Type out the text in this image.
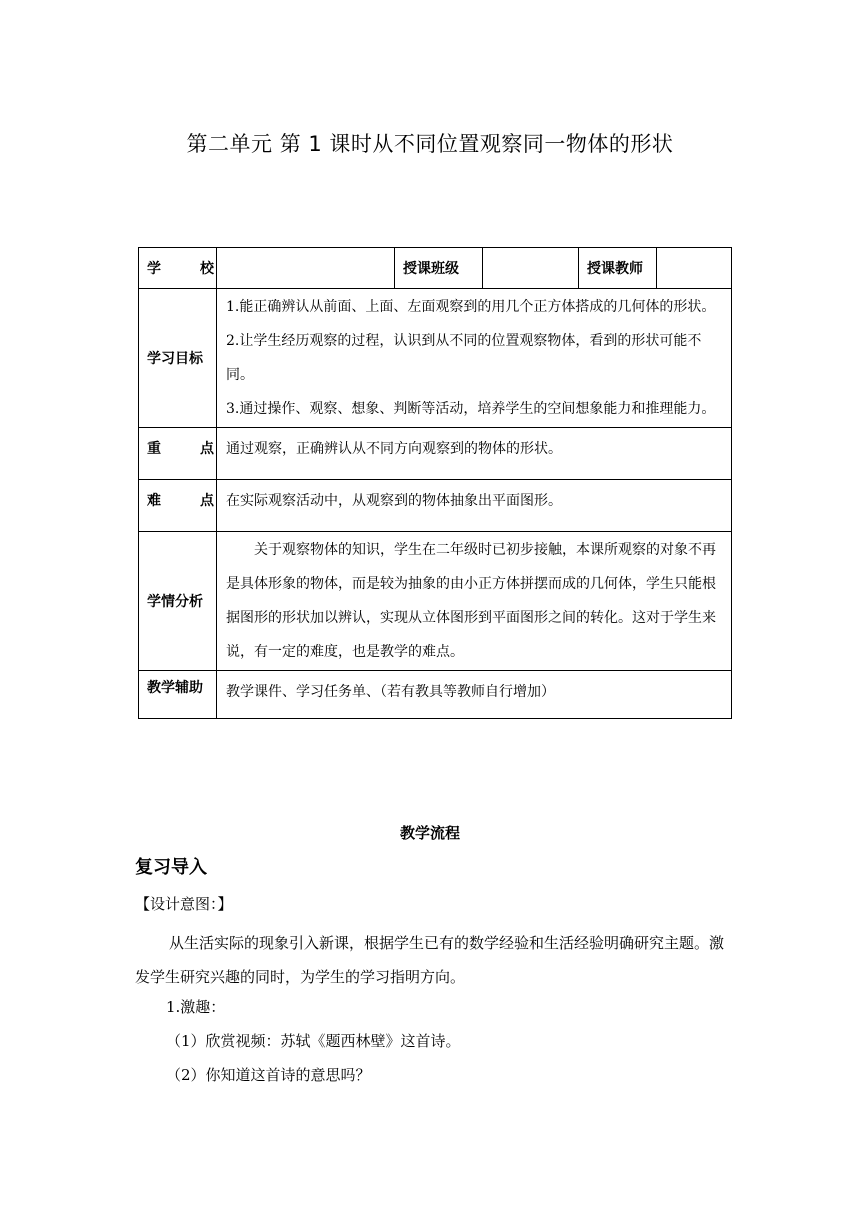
第二单元 第 1 课时从不同位置观察同一物体的形状
学 校		授课班级		授课教师	
学习目标	1.能正确辨认从前面、上面、左面观察到的用几个正方体搭成的几何体的形状。

2.让学生经历观察的过程，认识到从不同的位置观察物体，看到的形状可能不同。

3.通过操作、观察、想象、判断等活动，培养学生的空间想象能力和推理能力。				

重 点	通过观察，正确辨认从不同方向观察到的物体的形状。				

难 点	在实际观察活动中，从观察到的物体抽象出平面图形。				
学情分析	关于观察物体的知识，学生在二年级时已初步接触，本课所观察的对象不再是具体形象的物体，而是较为抽象的由小正方体拼摆而成的几何体，学生只能根据图形的形状加以辨认，实现从立体图形到平面图形之间的转化。这对于学生来说，有一定的难度，也是教学的难点。				

教学辅助	教学课件、学习任务单、（若有教具等教师自行增加）				
教学流程
复习导入
【设计意图：】

从生活实际的现象引入新课，根据学生已有的数学经验和生活经验明确研究主题。激发学生研究兴趣的同时，为学生的学习指明方向。

1.激趣：
（1）欣赏视频：苏轼《题西林壁》这首诗。
（2）你知道这首诗的意思吗？
